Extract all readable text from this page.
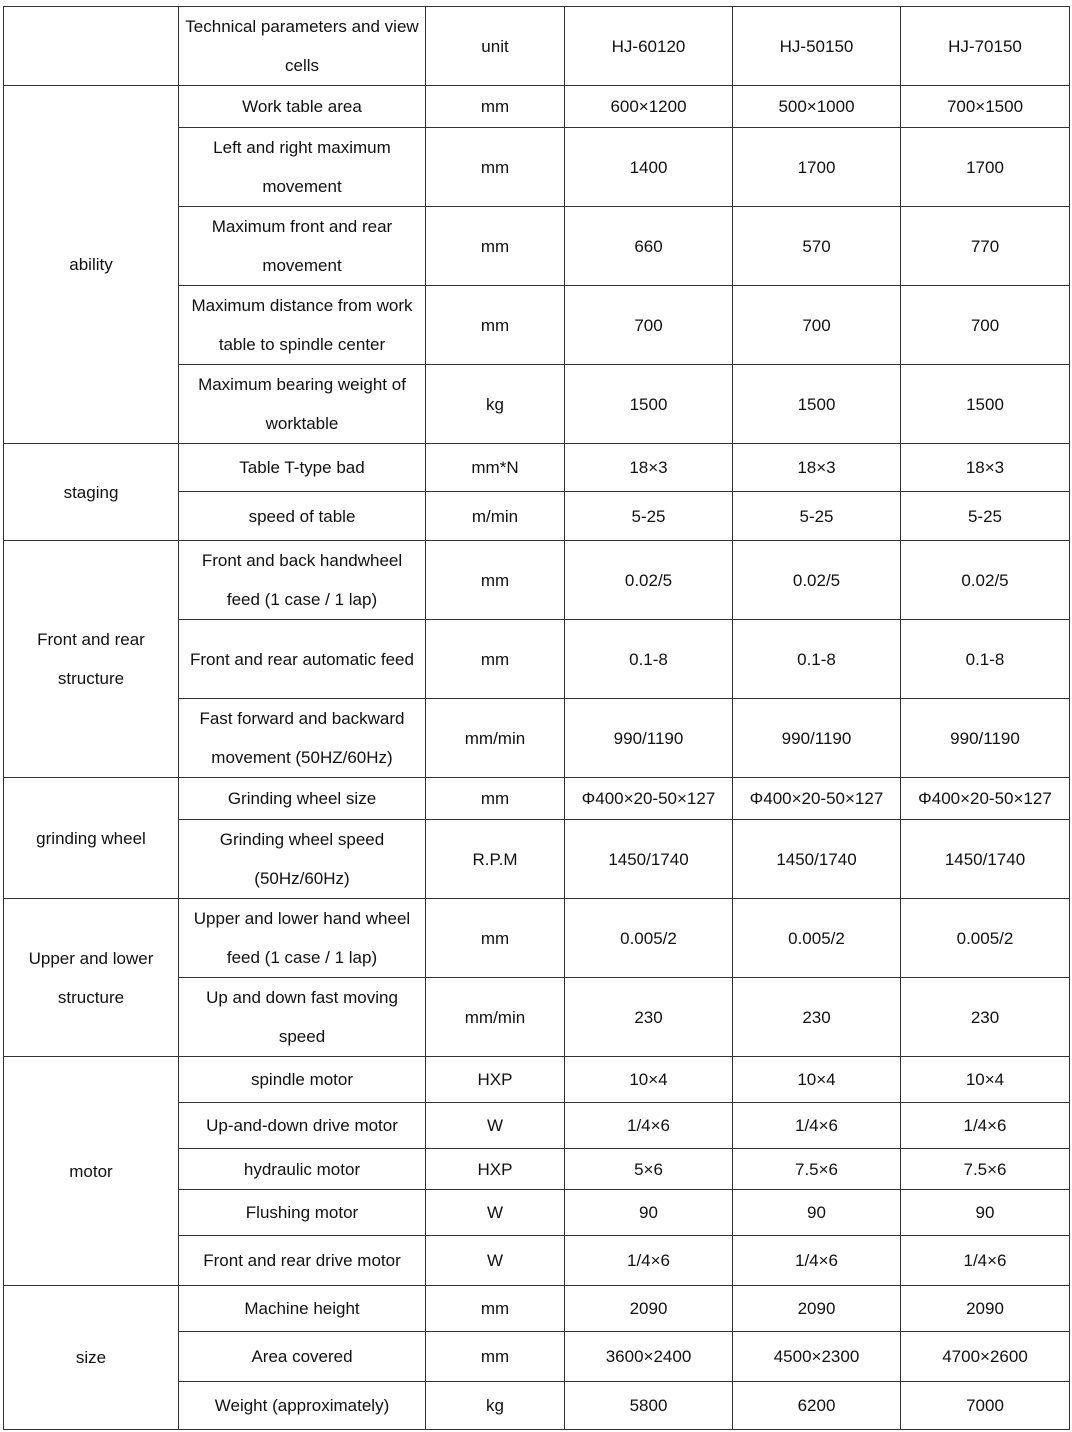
	Technical parameters and view cells	unit	HJ-60120	HJ-50150	HJ-70150
ability	Work table area	mm	600×1200	500×1000	700×1500
	Left and right maximum movement	mm	1400	1700	1700
	Maximum front and rear movement	mm	660	570	770
	Maximum distance from work table to spindle center	mm	700	700	700
	Maximum bearing weight of worktable	kg	1500	1500	1500
staging	Table T-type bad	mm*N	18×3	18×3	18×3
	speed of table	m/min	5-25	5-25	5-25
Front and rear structure	Front and back handwheel feed (1 case / 1 lap)	mm	0.02/5	0.02/5	0.02/5
	Front and rear automatic feed	mm	0.1-8	0.1-8	0.1-8
	Fast forward and backward movement (50HZ/60Hz)	mm/min	990/1190	990/1190	990/1190
grinding wheel	Grinding wheel size	mm	Φ400×20-50×127	Φ400×20-50×127	Φ400×20-50×127
	Grinding wheel speed (50Hz/60Hz)	R.P.M	1450/1740	1450/1740	1450/1740
Upper and lower structure	Upper and lower hand wheel feed (1 case / 1 lap)	mm	0.005/2	0.005/2	0.005/2
	Up and down fast moving speed	mm/min	230	230	230
motor	spindle motor	HXP	10×4	10×4	10×4
	Up-and-down drive motor	W	1/4×6	1/4×6	1/4×6
	hydraulic motor	HXP	5×6	7.5×6	7.5×6
	Flushing motor	W	90	90	90
	Front and rear drive motor	W	1/4×6	1/4×6	1/4×6
size	Machine height	mm	2090	2090	2090
	Area covered	mm	3600×2400	4500×2300	4700×2600
	Weight (approximately)	kg	5800	6200	7000
